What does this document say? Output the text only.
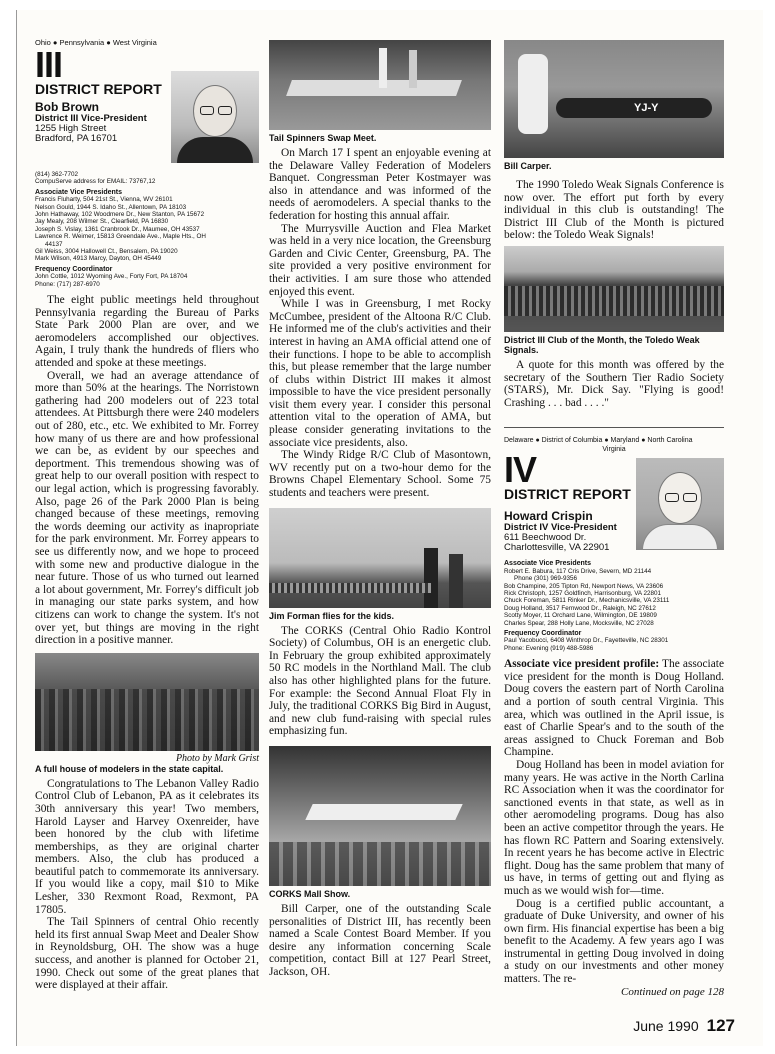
Ohio ● Pennsylvania ● West Virginia
III
DISTRICT REPORT
Bob Brown
District III Vice-President
1255 High Street
Bradford, PA 16701
(814) 362-7702
CompuServe address for EMAIL: 73767,12
Associate Vice Presidents
Francis Fluharty, 504 21st St., Vienna, WV 26101
Nelson Gould, 1944 S. Idaho St., Allentown, PA 18103
John Hathaway, 102 Woodmere Dr., New Stanton, PA 15672
Jay Mealy, 208 Wilmer St., Clearfield, PA 16830
Joseph S. Vislay, 1361 Cranbrook Dr., Maumee, OH 43537
Lawrence R. Weimer, 15813 Greendale Ave., Maple Hts., OH
44137
Gil Weiss, 3004 Hallowell Ct., Bensalem, PA 19020
Mark Wilson, 4913 Marcy, Dayton, OH 45449
Frequency Coordinator
John Cottle, 1012 Wyoming Ave., Forty Fort, PA 18704
Phone: (717) 287-6970

The eight public meetings held throughout Pennsylvania regarding the Bureau of Parks State Park 2000 Plan are over, and we aeromodelers accomplished our objectives. Again, I truly thank the hundreds of fliers who attended and spoke at these meetings.

Overall, we had an average attendance of more than 50% at the hearings. The Norristown gathering had 200 modelers out of 223 total attendees. At Pittsburgh there were 240 modelers out of 280, etc., etc. We exhibited to Mr. Forrey how many of us there are and how professional we can be, as evident by our speeches and deportment. This tremendous showing was of great help to our overall position with respect to our legal action, which is progressing favorably. Also, page 26 of the Park 2000 Plan is being changed because of these meetings, removing the words deeming our activity as inapropriate for the park environment. Mr. Forrey appears to see us differently now, and we hope to proceed with some new and productive dialogue in the near future. Those of us who turned out learned a lot about government, Mr. Forrey's difficult job in managing our state parks system, and how citizens can work to change the system. It's not over yet, but things are moving in the right direction in a positive manner.

Photo by Mark Grist
A full house of modelers in the state capital.

Congratulations to The Lebanon Valley Radio Control Club of Lebanon, PA as it celebrates its 30th anniversary this year! Two members, Harold Layser and Harvey Oxenreider, have been honored by the club with lifetime memberships, as they are original charter members. Also, the club has produced a beautiful patch to commemorate its anniversary. If you would like a copy, mail $10 to Mike Lesher, 330 Rexmont Road, Rexmont, PA 17805.

The Tail Spinners of central Ohio recently held its first annual Swap Meet and Dealer Show in Reynoldsburg, OH. The show was a huge success, and another is planned for October 21, 1990. Check out some of the great planes that were displayed at their affair.

Tail Spinners Swap Meet.

On March 17 I spent an enjoyable evening at the Delaware Valley Federation of Modelers Banquet. Congressman Peter Kostmayer was also in attendance and was informed of the needs of aeromodelers. A special thanks to the federation for hosting this annual affair.

The Murrysville Auction and Flea Market was held in a very nice location, the Greensburg Garden and Civic Center, Greensburg, PA. The site provided a very positive environment for their activities. I am sure those who attended enjoyed this event.

While I was in Greensburg, I met Rocky McCumbee, president of the Altoona R/C Club. He informed me of the club's activities and their interest in having an AMA official attend one of their functions. I hope to be able to accomplish this, but please remember that the large number of clubs within District III makes it almost impossible to have the vice president personally visit them every year. I consider this personal attention vital to the operation of AMA, but please consider generating invitations to the associate vice presidents, also.

The Windy Ridge R/C Club of Masontown, WV recently put on a two-hour demo for the Browns Chapel Elementary School. Some 75 students and teachers were present.

Jim Forman flies for the kids.

The CORKS (Central Ohio Radio Kontrol Society) of Columbus, OH is an energetic club. In February the group exhibited approximately 50 RC models in the Northland Mall. The club also has other highlighted plans for the future. For example: the Second Annual Float Fly in July, the traditional CORKS Big Bird in August, and new club fund-raising with special rules emphasizing fun.

CORKS Mall Show.

Bill Carper, one of the outstanding Scale personalities of District III, has recently been named a Scale Contest Board Member. If you desire any information concerning Scale competition, contact Bill at 127 Pearl Street, Jackson, OH.

YJ-Y
Bill Carper.

The 1990 Toledo Weak Signals Conference is now over. The effort put forth by every individual in this club is outstanding! The District III Club of the Month is pictured below: the Toledo Weak Signals!

District III Club of the Month, the Toledo Weak Signals.

A quote for this month was offered by the secretary of the Southern Tier Radio Society (STARS), Mr. Dick Say. "Flying is good! Crashing . . . bad . . . ."

Delaware ● District of Columbia ● Maryland ● North Carolina
Virginia
IV
DISTRICT REPORT
Howard Crispin
District IV Vice-President
611 Beechwood Dr.
Charlottesville, VA 22901
Associate Vice Presidents
Robert E. Babura, 117 Cris Drive, Severn, MD 21144
Phone (301) 969-9356
Bob Champine, 205 Tipton Rd, Newport News, VA 23606
Rick Christoph, 1257 Goldfinch, Harrisonburg, VA 22801
Chuck Foreman, 5811 Rinker Dr., Mechanicsville, VA 23111
Doug Holland, 3517 Fernwood Dr., Raleigh, NC 27612
Scotty Moyer, 11 Orchard Lane, Wilmington, DE 19809
Charles Spear, 288 Holly Lane, Mocksville, NC 27028
Frequency Coordinator
Paul Yacobucci, 6408 Winthrop Dr., Fayetteville, NC 28301
Phone: Evening (919) 488-5986

Associate vice president profile: The associate vice president for the month is Doug Holland. Doug covers the eastern part of North Carolina and a portion of south central Virginia. This area, which was outlined in the April issue, is east of Charlie Spear's and to the south of the areas assigned to Chuck Foreman and Bob Champine.

Doug Holland has been in model aviation for many years. He was active in the North Carlina RC Association when it was the coordinator for sanctioned events in that state, as well as in other aeromodeling programs. Doug has also been an active competitor through the years. He has flown RC Pattern and Soaring extensively. In recent years he has become active in Electric flight. Doug has the same problem that many of us have, in terms of getting out and flying as much as we would wish for—time.

Doug is a certified public accountant, a graduate of Duke University, and owner of his own firm. His financial expertise has been a big benefit to the Academy. A few years ago I was instrumental in getting Doug involved in doing a study on our investments and other money matters. The re-

Continued on page 128
June 1990 127
